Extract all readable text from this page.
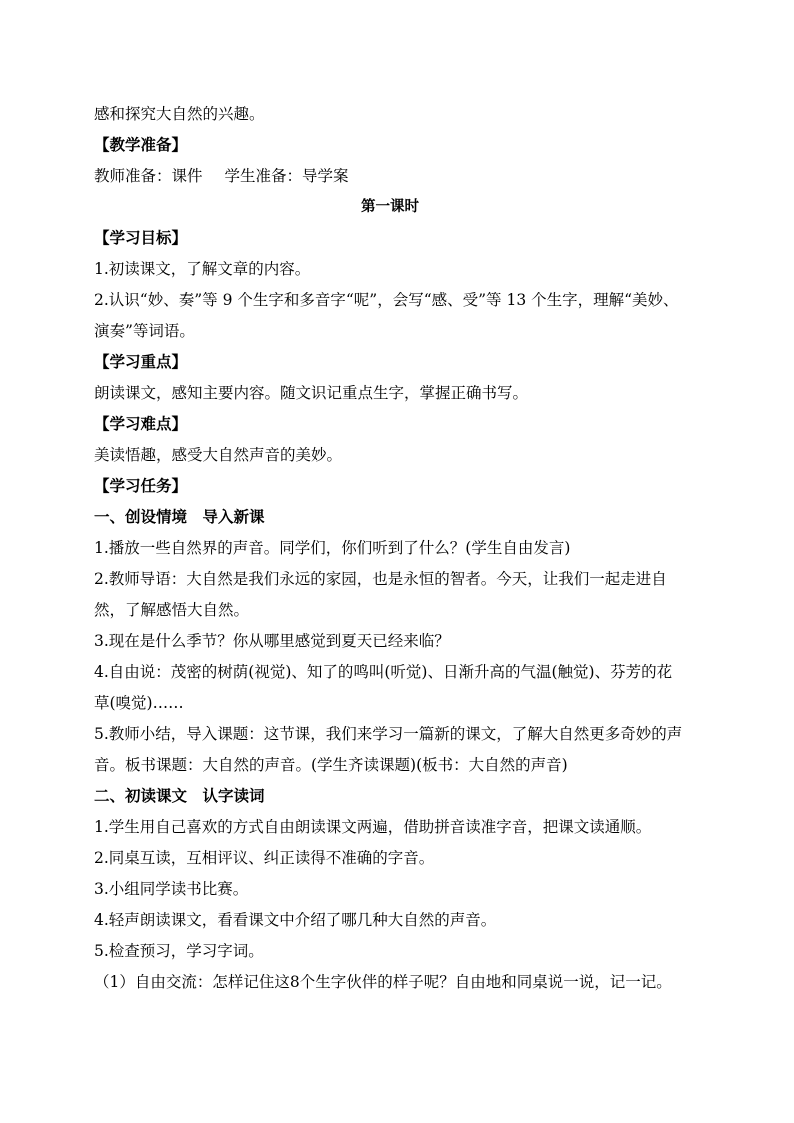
感和探究大自然的兴趣。

【教学准备】

教师准备：课件 学生准备：导学案

第一课时

【学习目标】

1.初读课文，了解文章的内容。

2.认识“妙、奏”等 9 个生字和多音字“呢”，会写“感、受”等 13 个生字，理解“美妙、演奏”等词语。

【学习重点】

朗读课文，感知主要内容。随文识记重点生字，掌握正确书写。

【学习难点】

美读悟趣，感受大自然声音的美妙。

【学习任务】

一、创设情境　导入新课

1.播放一些自然界的声音。同学们，你们听到了什么？(学生自由发言)

2.教师导语：大自然是我们永远的家园，也是永恒的智者。今天，让我们一起走进自然，了解感悟大自然。

3.现在是什么季节？你从哪里感觉到夏天已经来临？

4.自由说：茂密的树荫(视觉)、知了的鸣叫(听觉)、日渐升高的气温(触觉)、芬芳的花草(嗅觉)……

5.教师小结，导入课题：这节课，我们来学习一篇新的课文，了解大自然更多奇妙的声音。板书课题：大自然的声音。(学生齐读课题)(板书：大自然的声音)

二、初读课文　认字读词

1.学生用自己喜欢的方式自由朗读课文两遍，借助拼音读准字音，把课文读通顺。

2.同桌互读，互相评议、纠正读得不准确的字音。

3.小组同学读书比赛。

4.轻声朗读课文，看看课文中介绍了哪几种大自然的声音。

5.检查预习，学习字词。

（1）自由交流：怎样记住这8个生字伙伴的样子呢？自由地和同桌说一说，记一记。
